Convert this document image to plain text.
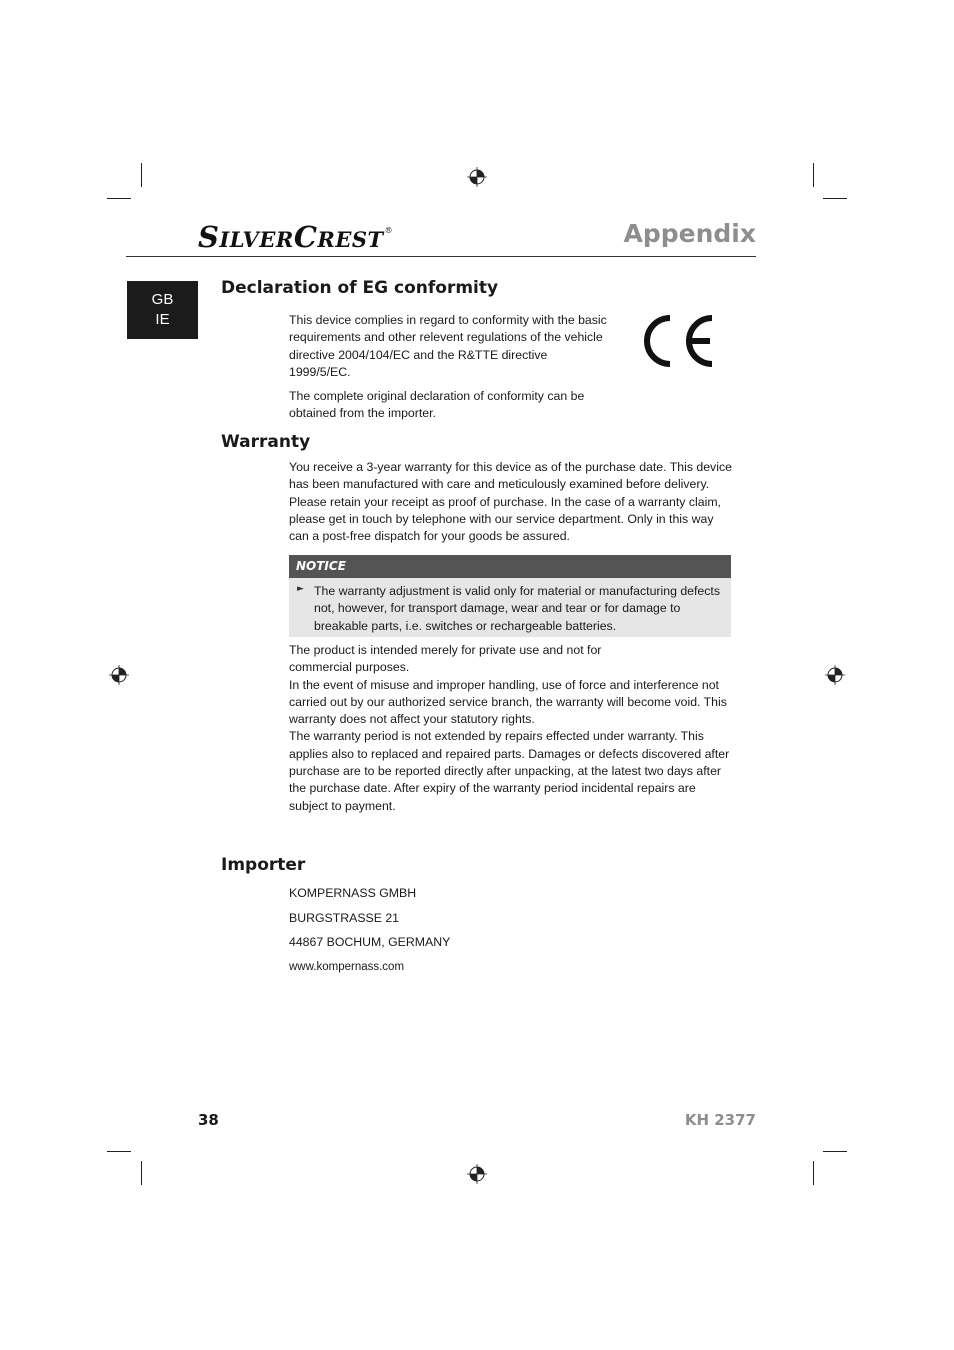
SILVERCREST®	Appendix
GB
IE
Declaration of EG conformity

This device complies in regard to conformity with the basic requirements and other relevent regulations of the vehicle directive 2004/104/EC and the R&TTE directive 1999/5/EC.

The complete original declaration of conformity can be obtained from the importer.

Warranty
You receive a 3-year warranty for this device as of the purchase date. This device has been manufactured with care and meticulously examined before delivery. Please retain your receipt as proof of purchase. In the case of a warranty claim, please get in touch by telephone with our service department. Only in this way can a post-free dispatch for your goods be assured.
NOTICE
► The warranty adjustment is valid only for material or manufacturing defects not, however, for transport damage, wear and tear or for damage to breakable parts, i.e. switches or rechargeable batteries.

The product is intended merely for private use and not for

commercial purposes.

In the event of misuse and improper handling, use of force and interference not carried out by our authorized service branch, the warranty will become void. This warranty does not affect your statutory rights.

The warranty period is not extended by repairs effected under warranty. This applies also to replaced and repaired parts. Damages or defects discovered after purchase are to be reported directly after unpacking, at the latest two days after the purchase date. After expiry of the warranty period incidental repairs are subject to payment.

Importer

KOMPERNASS GMBH

BURGSTRASSE 21

44867 BOCHUM, GERMANY

www.kompernass.com

38	KH 2377
